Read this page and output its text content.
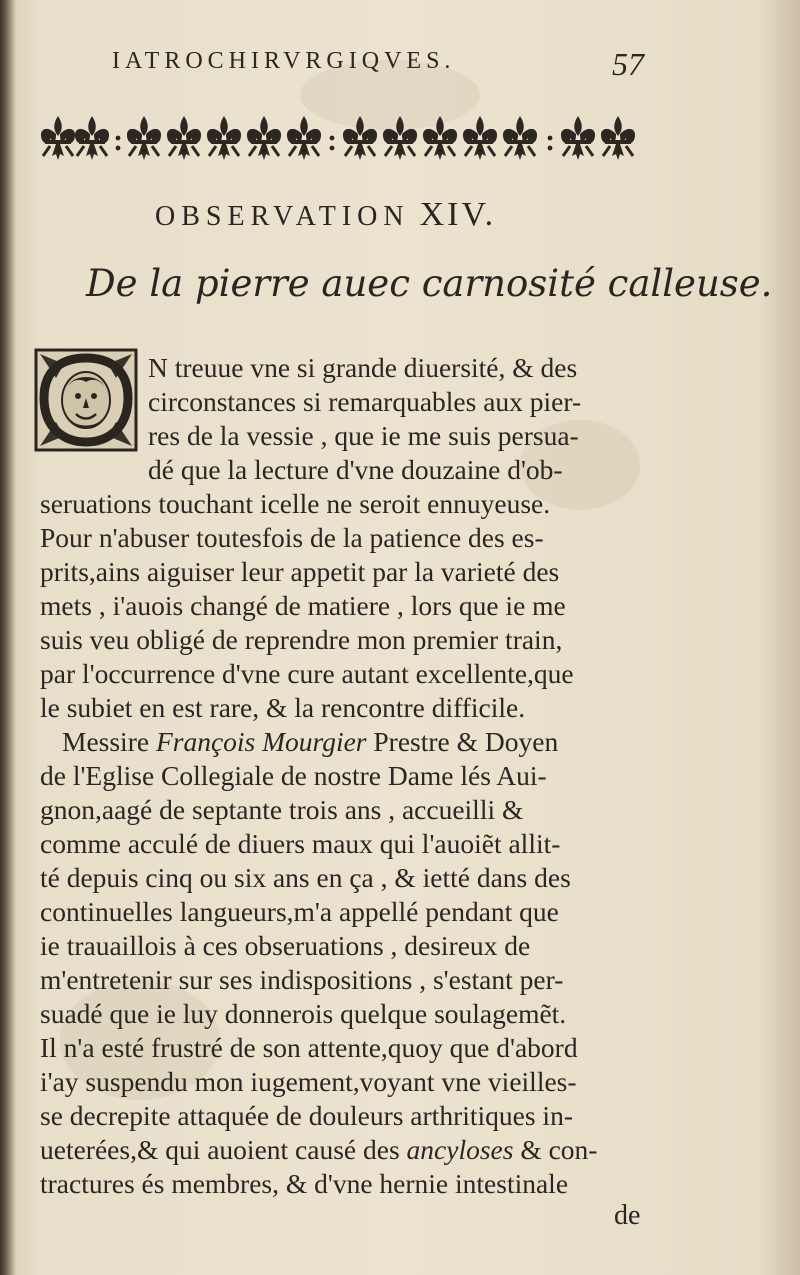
IATROCHIRVRGIQVES.	57
OBSERVATION XIV.
De la pierre auec carnosité calleuse.
N treuue vne si grande diuersité, & des
circonstances si remarquables aux pier-
res de la vessie , que ie me suis persua-
dé que la lecture d'vne douzaine d'ob-
seruations touchant icelle ne seroit ennuyeuse.
Pour n'abuser toutesfois de la patience des es-
prits,ains aiguiser leur appetit par la varieté des
mets , i'auois changé de matiere , lors que ie me
suis veu obligé de reprendre mon premier train,
par l'occurrence d'vne cure autant excellente,que
le subiet en est rare, & la rencontre difficile.
Messire François Mourgier Prestre & Doyen
de l'Eglise Collegiale de nostre Dame lés Aui-
gnon,aagé de septante trois ans , accueilli &
comme acculé de diuers maux qui l'auoiẽt allit-
té depuis cinq ou six ans en ça , & ietté dans des
continuelles langueurs,m'a appellé pendant que
ie trauaillois à ces obseruations , desireux de
m'entretenir sur ses indispositions , s'estant per-
suadé que ie luy donnerois quelque soulagemẽt.
Il n'a esté frustré de son attente,quoy que d'abord
i'ay suspendu mon iugement,voyant vne vieilles-
se decrepite attaquée de douleurs arthritiques in-
ueterées,& qui auoient causé des ancyloses & con-
tractures és membres, & d'vne hernie intestinale
de
